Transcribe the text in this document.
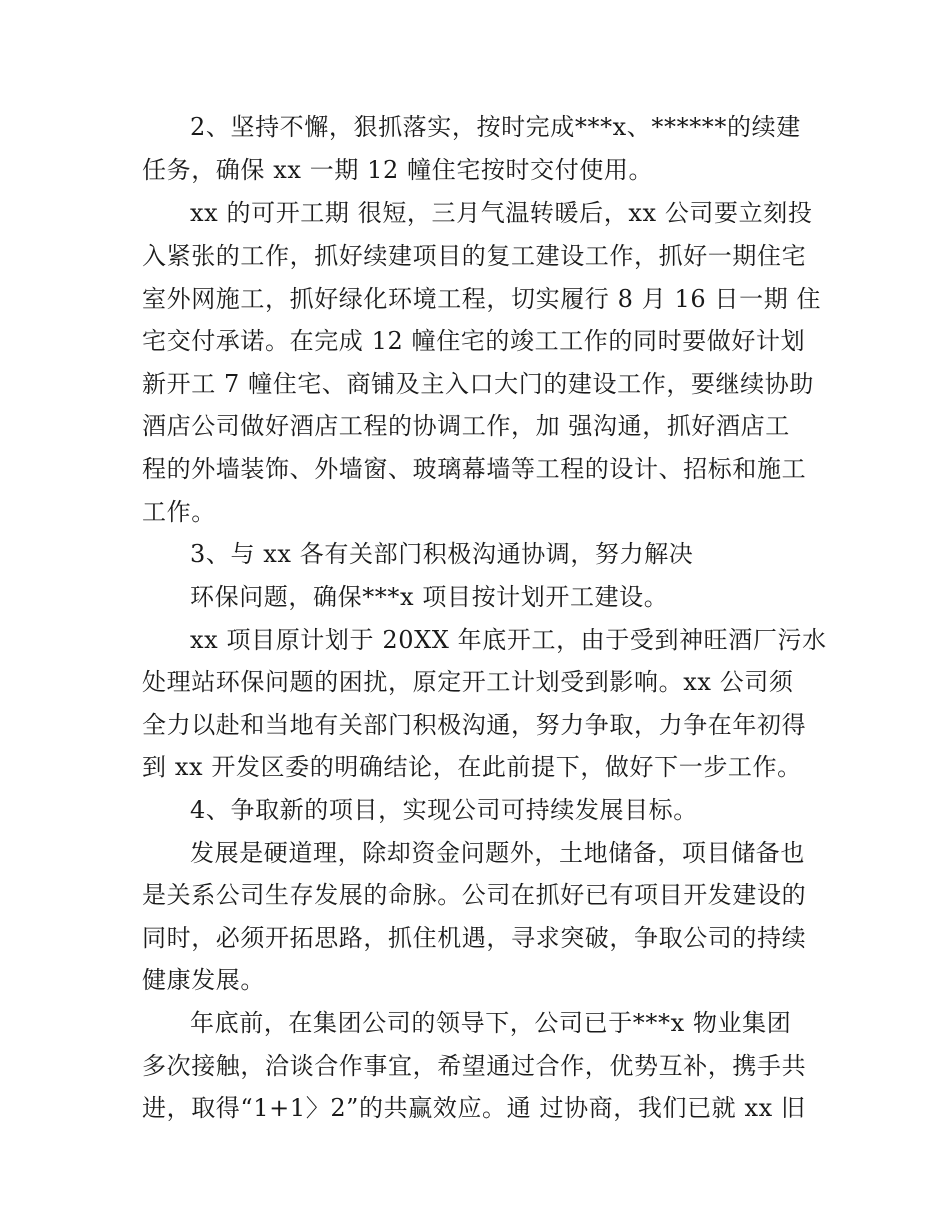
2、坚持不懈，狠抓落实，按时完成***x、******的续建
任务，确保 xx 一期 12 幢住宅按时交付使用。
xx 的可开工期 很短，三月气温转暖后，xx 公司要立刻投
入紧张的工作，抓好续建项目的复工建设工作，抓好一期住宅
室外网施工，抓好绿化环境工程，切实履行 8 月 16 日一期 住
宅交付承诺。在完成 12 幢住宅的竣工工作的同时要做好计划
新开工 7 幢住宅、商铺及主入口大门的建设工作，要继续协助
酒店公司做好酒店工程的协调工作，加 强沟通，抓好酒店工
程的外墙装饰、外墙窗、玻璃幕墙等工程的设计、招标和施工
工作。
3、与 xx 各有关部门积极沟通协调，努力解决
环保问题，确保***x 项目按计划开工建设。
xx 项目原计划于 20XX 年底开工，由于受到神旺酒厂污水
处理站环保问题的困扰，原定开工计划受到影响。xx 公司须
全力以赴和当地有关部门积极沟通，努力争取，力争在年初得
到 xx 开发区委的明确结论，在此前提下，做好下一步工作。
4、争取新的项目，实现公司可持续发展目标。
发展是硬道理，除却资金问题外，土地储备，项目储备也
是关系公司生存发展的命脉。公司在抓好已有项目开发建设的
同时，必须开拓思路，抓住机遇，寻求突破，争取公司的持续
健康发展。
年底前，在集团公司的领导下，公司已于***x 物业集团
多次接触，洽谈合作事宜，希望通过合作，优势互补，携手共
进，取得“1+1〉2”的共赢效应。通 过协商，我们已就 xx 旧
